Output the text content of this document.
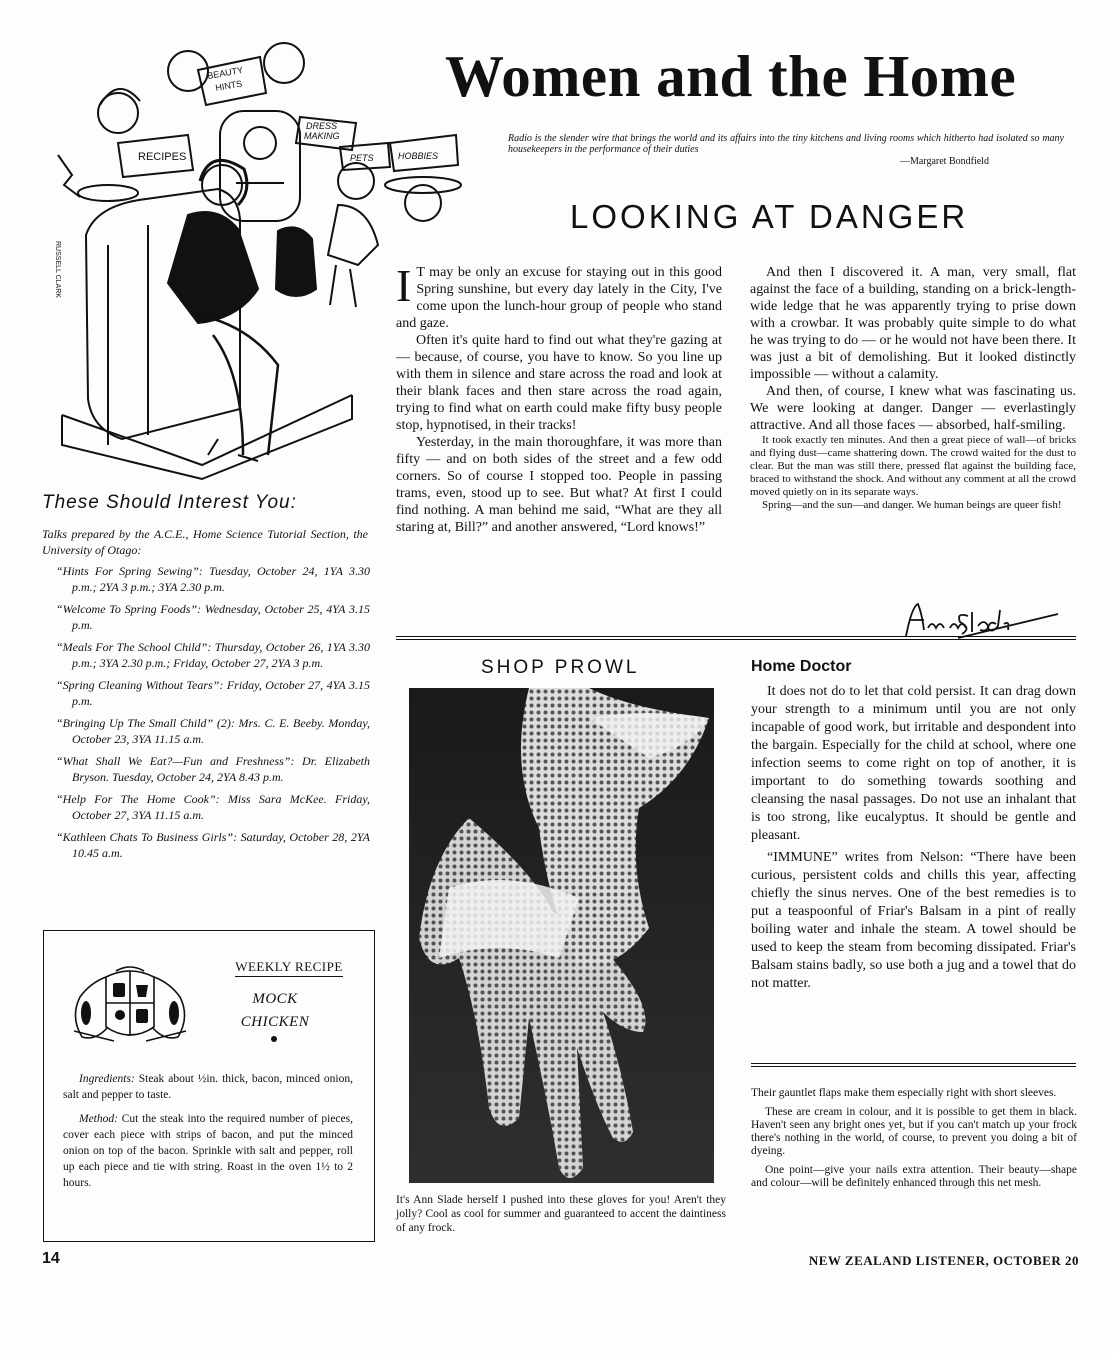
BEAUTY
HINTS
RECIPES
DRESS
MAKING
PETS	HOBBIES
RUSSELL CLARK
Women and the Home
Radio is the slender wire that brings the world and its affairs into the tiny kitchens and living rooms which hitherto had isolated so many housekeepers in the performance of their duties
—Margaret Bondfield
LOOKING AT DANGER

I T may be only an excuse for staying out in this good Spring sunshine, but every day lately in the City, I've come upon the lunch-hour group of people who stand and gaze.

Often it's quite hard to find out what they're gazing at — because, of course, you have to know. So you line up with them in silence and stare across the road and look at their blank faces and then stare across the road again, trying to find what on earth could make fifty busy people stop, hypnotised, in their tracks!

Yesterday, in the main thoroughfare, it was more than fifty — and on both sides of the street and a few odd corners. So of course I stopped too. People in passing trams, even, stood up to see. But what? At first I could find nothing. A man behind me said, “What are they all staring at, Bill?” and another answered, “Lord knows!”

And then I discovered it. A man, very small, flat against the face of a building, standing on a brick-length-wide ledge that he was apparently trying to prise down with a crowbar. It was probably quite simple to do what he was trying to do — or he would not have been there. It was just a bit of demolishing. But it looked distinctly impossible — without a calamity.

And then, of course, I knew what was fascinating us. We were looking at danger. Danger — everlastingly attractive. And all those faces — absorbed, half-smiling.

It took exactly ten minutes. And then a great piece of wall—of bricks and flying dust—came shattering down. The crowd waited for the dust to clear. But the man was still there, pressed flat against the building face, braced to withstand the shock. And without any comment at all the crowd moved quietly on in its separate ways.

Spring—and the sun—and danger. We human beings are queer fish!

These Should Interest You:
Talks prepared by the A.C.E., Home Science Tutorial Section, the University of Otago:

“Hints For Spring Sewing”: Tuesday, October 24, 1YA 3.30 p.m.; 2YA 3 p.m.; 3YA 2.30 p.m.

“Welcome To Spring Foods”: Wednesday, October 25, 4YA 3.15 p.m.

“Meals For The School Child”: Thursday, October 26, 1YA 3.30 p.m.; 3YA 2.30 p.m.; Friday, October 27, 2YA 3 p.m.

“Spring Cleaning Without Tears”: Friday, October 27, 4YA 3.15 p.m.

“Bringing Up The Small Child” (2): Mrs. C. E. Beeby. Monday, October 23, 3YA 11.15 a.m.

“What Shall We Eat?—Fun and Freshness”: Dr. Elizabeth Bryson. Tuesday, October 24, 2YA 8.43 p.m.

“Help For The Home Cook”: Miss Sara McKee. Friday, October 27, 3YA 11.15 a.m.

“Kathleen Chats To Business Girls”: Saturday, October 28, 2YA 10.45 a.m.

WEEKLY RECIPE
MOCK
CHICKEN

Ingredients: Steak about ½in. thick, bacon, minced onion, salt and pepper to taste.

Method: Cut the steak into the required number of pieces, cover each piece with strips of bacon, and put the minced onion on top of the bacon. Sprinkle with salt and pepper, roll up each piece and tie with string. Roast in the oven 1½ to 2 hours.

SHOP PROWL
It's Ann Slade herself I pushed into these gloves for you! Aren't they jolly? Cool as cool for summer and guaranteed to accent the daintiness of any frock.
Home Doctor

It does not do to let that cold persist. It can drag down your strength to a minimum until you are not only incapable of good work, but irritable and despondent into the bargain. Especially for the child at school, where one infection seems to come right on top of another, it is important to do something towards soothing and cleansing the nasal passages. Do not use an inhalant that is too strong, like eucalyptus. It should be gentle and pleasant.

“IMMUNE” writes from Nelson: “There have been curious, persistent colds and chills this year, affecting chiefly the sinus nerves. One of the best remedies is to put a teaspoonful of Friar's Balsam in a pint of really boiling water and inhale the steam. A towel should be used to keep the steam from becoming dissipated. Friar's Balsam stains badly, so use both a jug and a towel that do not matter.

Their gauntlet flaps make them especially right with short sleeves.

These are cream in colour, and it is possible to get them in black. Haven't seen any bright ones yet, but if you can't match up your frock there's nothing in the world, of course, to prevent you doing a bit of dyeing.

One point—give your nails extra attention. Their beauty—shape and colour—will be definitely enhanced through this net mesh.

14	NEW ZEALAND LISTENER, OCTOBER 20
